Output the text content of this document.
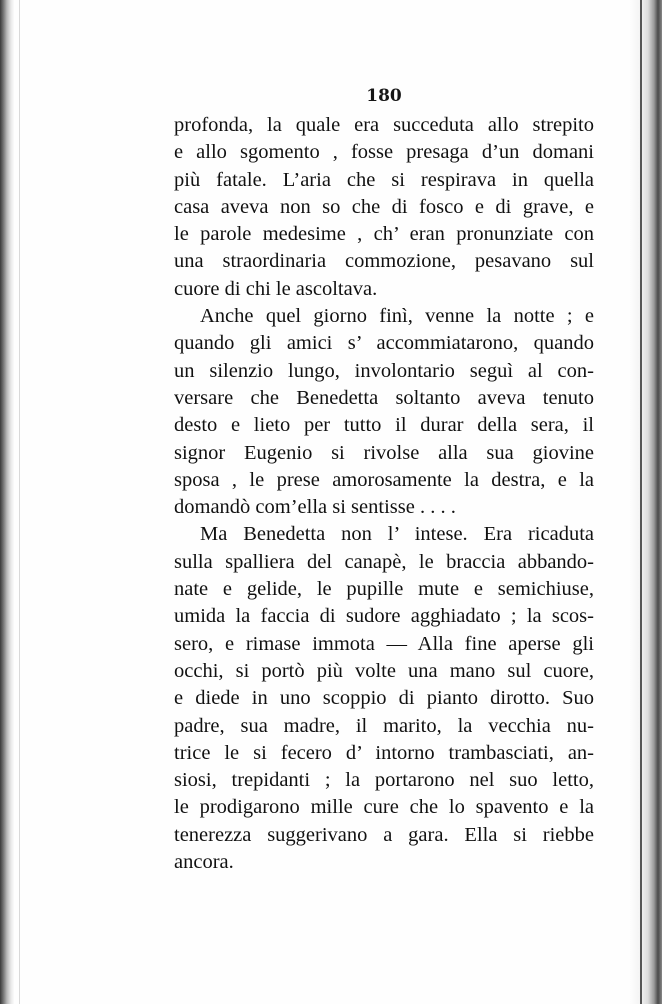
180
profonda, la quale era succeduta allo strepito
e allo sgomento , fosse presaga d’un domani
più fatale. L’aria che si respirava in quella
casa aveva non so che di fosco e di grave, e
le parole medesime , ch’ eran pronunziate con
una straordinaria commozione, pesavano sul
cuore di chi le ascoltava.
Anche quel giorno finì, venne la notte ; e
quando gli amici s’ accommiatarono, quando
un silenzio lungo, involontario seguì al con-
versare che Benedetta soltanto aveva tenuto
desto e lieto per tutto il durar della sera, il
signor Eugenio si rivolse alla sua giovine
sposa , le prese amorosamente la destra, e la
domandò com’ella si sentisse . . . .
Ma Benedetta non l’ intese. Era ricaduta
sulla spalliera del canapè, le braccia abbando-
nate e gelide, le pupille mute e semichiuse,
umida la faccia di sudore agghiadato ; la scos-
sero, e rimase immota — Alla fine aperse gli
occhi, si portò più volte una mano sul cuore,
e diede in uno scoppio di pianto dirotto. Suo
padre, sua madre, il marito, la vecchia nu-
trice le si fecero d’ intorno trambasciati, an-
siosi, trepidanti ; la portarono nel suo letto,
le prodigarono mille cure che lo spavento e la
tenerezza suggerivano a gara. Ella si riebbe
ancora.
